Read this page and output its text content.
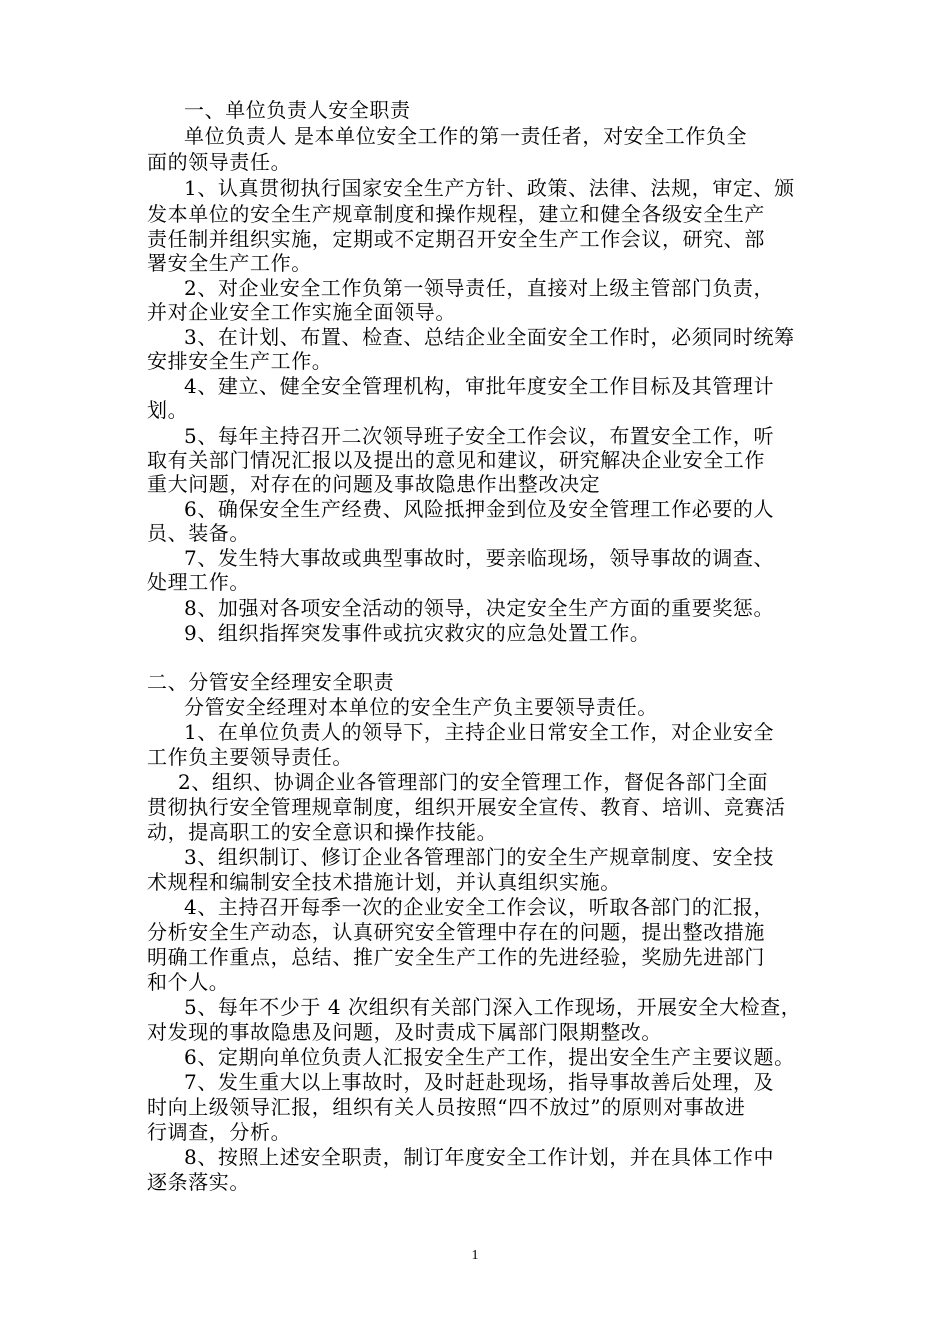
一、单位负责人安全职责
单位负责人 是本单位安全工作的第一责任者，对安全工作负全
面的领导责任。
1、认真贯彻执行国家安全生产方针、政策、法律、法规，审定、颁
发本单位的安全生产规章制度和操作规程，建立和健全各级安全生产
责任制并组织实施，定期或不定期召开安全生产工作会议，研究、部
署安全生产工作。
2、对企业安全工作负第一领导责任，直接对上级主管部门负责，
并对企业安全工作实施全面领导。
3、在计划、布置、检查、总结企业全面安全工作时，必须同时统筹
安排安全生产工作。
4、建立、健全安全管理机构，审批年度安全工作目标及其管理计
划。
5、每年主持召开二次领导班子安全工作会议，布置安全工作，听
取有关部门情况汇报以及提出的意见和建议，研究解决企业安全工作
重大问题，对存在的问题及事故隐患作出整改决定
6、确保安全生产经费、风险抵押金到位及安全管理工作必要的人
员、装备。
7、发生特大事故或典型事故时，要亲临现场，领导事故的调查、
处理工作。
8、加强对各项安全活动的领导，决定安全生产方面的重要奖惩。
9、组织指挥突发事件或抗灾救灾的应急处置工作。
二、分管安全经理安全职责
分管安全经理对本单位的安全生产负主要领导责任。
1、在单位负责人的领导下，主持企业日常安全工作，对企业安全
工作负主要领导责任。
2、组织、协调企业各管理部门的安全管理工作，督促各部门全面
贯彻执行安全管理规章制度，组织开展安全宣传、教育、培训、竞赛活
动，提高职工的安全意识和操作技能。
3、组织制订、修订企业各管理部门的安全生产规章制度、安全技
术规程和编制安全技术措施计划，并认真组织实施。
4、主持召开每季一次的企业安全工作会议，听取各部门的汇报，
分析安全生产动态，认真研究安全管理中存在的问题，提出整改措施
明确工作重点，总结、推广安全生产工作的先进经验，奖励先进部门
和个人。
5、每年不少于 4 次组织有关部门深入工作现场，开展安全大检查，
对发现的事故隐患及问题，及时责成下属部门限期整改。
6、定期向单位负责人汇报安全生产工作，提出安全生产主要议题。
7、发生重大以上事故时，及时赶赴现场，指导事故善后处理，及
时向上级领导汇报，组织有关人员按照“四不放过”的原则对事故进
行调查，分析。
8、按照上述安全职责，制订年度安全工作计划，并在具体工作中
逐条落实。
1
